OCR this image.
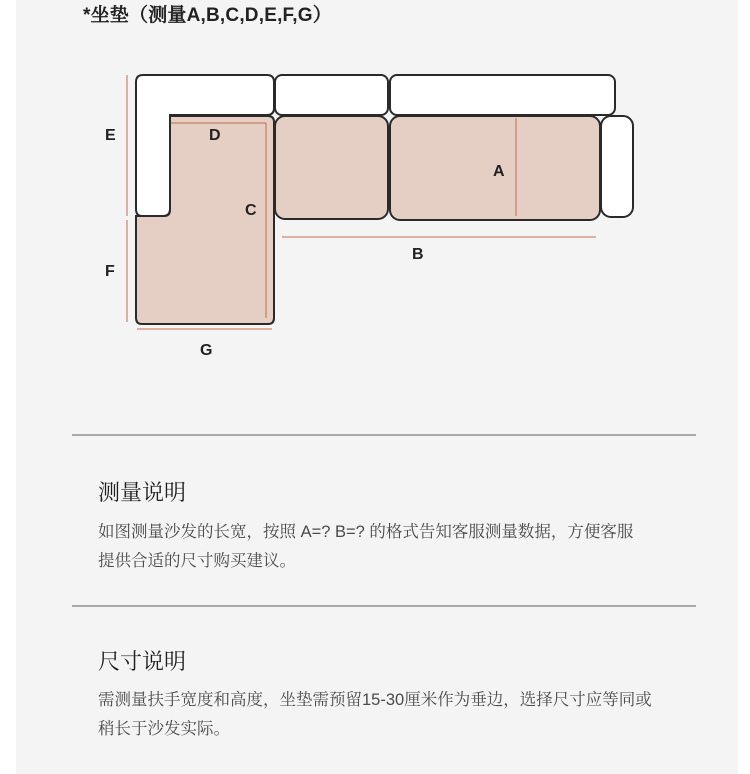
*坐垫（测量A,B,C,D,E,F,G）
E	D
C
A
B
F
G
测量说明

如图测量沙发的长宽，按照 A=? B=? 的格式告知客服测量数据，方便客服提供合适的尺寸购买建议。

尺寸说明

需测量扶手宽度和高度，坐垫需预留15-30厘米作为垂边，选择尺寸应等同或稍长于沙发实际。
